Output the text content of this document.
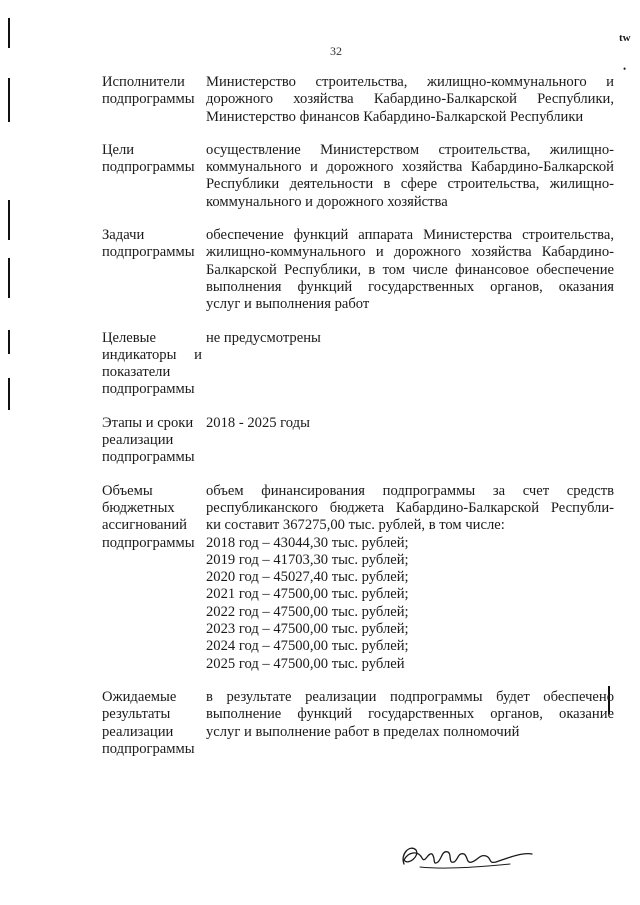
32
tw
•
Исполнители
подпрограммы
Министерство строительства, жилищно-коммунального и
дорожного хозяйства Кабардино-Балкарской Республики,
Министерство финансов Кабардино-Балкарской Республики
Цели
подпрограммы
осуществление Министерством строительства, жилищно-
коммунального и дорожного хозяйства Кабардино-Балкарской
Республики деятельности в сфере строительства, жилищно-
коммунального и дорожного хозяйства
Задачи
подпрограммы
обеспечение функций аппарата Министерства строительства,
жилищно-коммунального и дорожного хозяйства Кабардино-
Балкарской Республики, в том числе финансовое обеспечение
выполнения функций государственных органов, оказания
услуг и выполнения работ
Целевые
индикаторы и
показатели
подпрограммы
не предусмотрены
Этапы и сроки
реализации
подпрограммы
2018 - 2025 годы
Объемы
бюджетных
ассигнований
подпрограммы
объем финансирования подпрограммы за счет средств
республиканского бюджета Кабардино-Балкарской Республи-
ки составит 367275,00 тыс. рублей, в том числе:
2018 год – 43044,30 тыс. рублей;
2019 год – 41703,30 тыс. рублей;
2020 год – 45027,40 тыс. рублей;
2021 год – 47500,00 тыс. рублей;
2022 год – 47500,00 тыс. рублей;
2023 год – 47500,00 тыс. рублей;
2024 год – 47500,00 тыс. рублей;
2025 год – 47500,00 тыс. рублей
Ожидаемые
результаты
реализации
подпрограммы
в результате реализации подпрограммы будет обеспечено
выполнение функций государственных органов, оказание
услуг и выполнение работ в пределах полномочий
